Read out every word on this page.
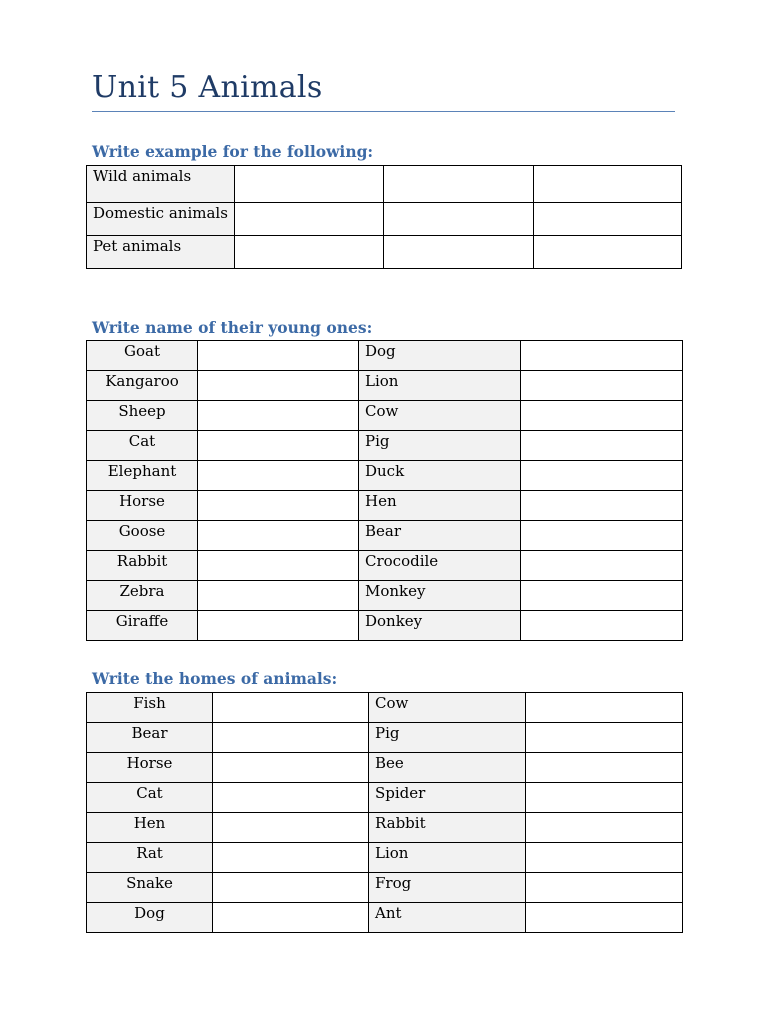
Unit 5 Animals
Write example for the following:
Wild animals			
Domestic animals			
Pet animals			
Write name of their young ones:
Goat		Dog	
Kangaroo		Lion	
Sheep		Cow	
Cat		Pig	
Elephant		Duck	
Horse		Hen	
Goose		Bear	
Rabbit		Crocodile	
Zebra		Monkey	
Giraffe		Donkey	
Write the homes of animals:
Fish		Cow	
Bear		Pig	
Horse		Bee	
Cat		Spider	
Hen		Rabbit	
Rat		Lion	
Snake		Frog	
Dog		Ant	
